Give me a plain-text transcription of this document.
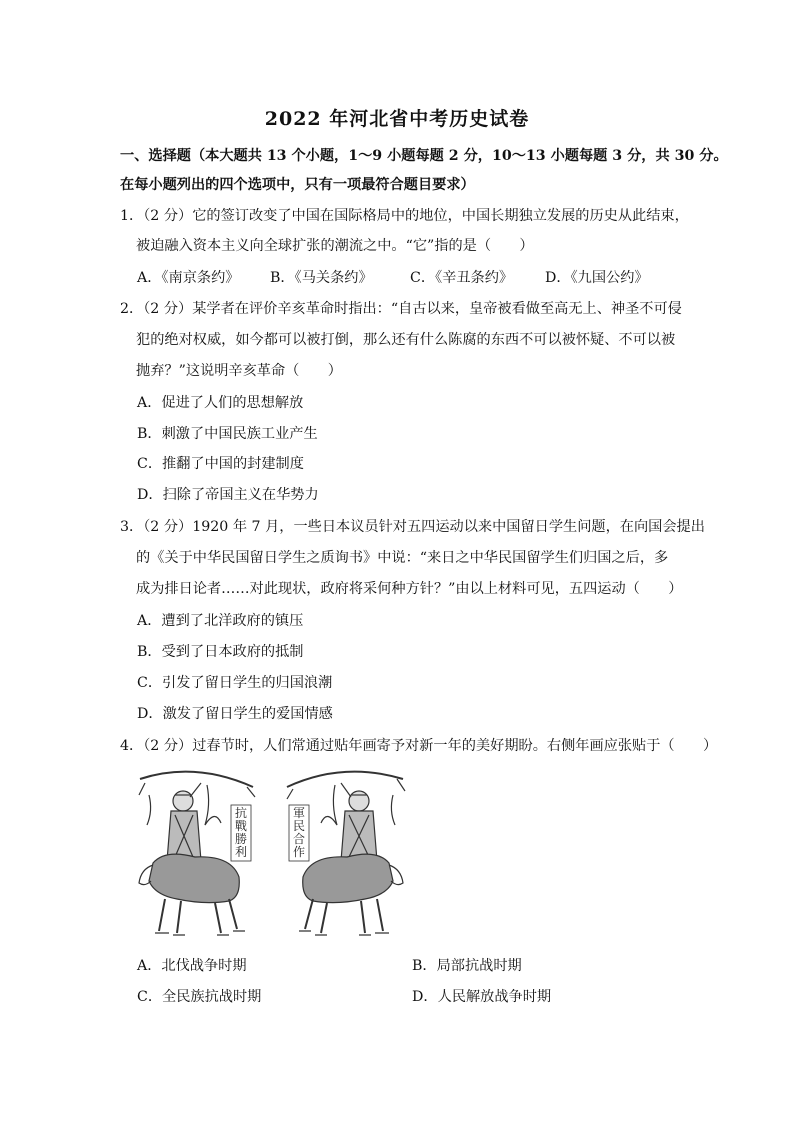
2022 年河北省中考历史试卷
一、选择题（本大题共 13 个小题，1～9 小题每题 2 分，10～13 小题每题 3 分，共 30 分。
在每小题列出的四个选项中，只有一项最符合题目要求）
1．（2 分）它的签订改变了中国在国际格局中的地位，中国长期独立发展的历史从此结束，
被迫融入资本主义向全球扩张的潮流之中。“它”指的是（　　）
A．《南京条约》 B．《马关条约》	C．《辛丑条约》 D．《九国公约》
2．（2 分）某学者在评价辛亥革命时指出：“自古以来，皇帝被看做至高无上、神圣不可侵
犯的绝对权威，如今都可以被打倒，那么还有什么陈腐的东西不可以被怀疑、不可以被
抛弃？”这说明辛亥革命（　　）
A．促进了人们的思想解放
B．刺激了中国民族工业产生
C．推翻了中国的封建制度
D．扫除了帝国主义在华势力
3．（2 分）1920 年 7 月，一些日本议员针对五四运动以来中国留日学生问题，在向国会提出
的《关于中华民国留日学生之质询书》中说：“来日之中华民国留学生们归国之后，多
成为排日论者……对此现状，政府将采何种方针？”由以上材料可见，五四运动（　　）
A．遭到了北洋政府的镇压
B．受到了日本政府的抵制
C．引发了留日学生的归国浪潮
D．激发了留日学生的爱国情感
4．（2 分）过春节时，人们常通过贴年画寄予对新一年的美好期盼。右侧年画应张贴于（　　）
抗戰勝利
軍民合作
A．北伐战争时期	B．局部抗战时期
C．全民族抗战时期	D．人民解放战争时期
